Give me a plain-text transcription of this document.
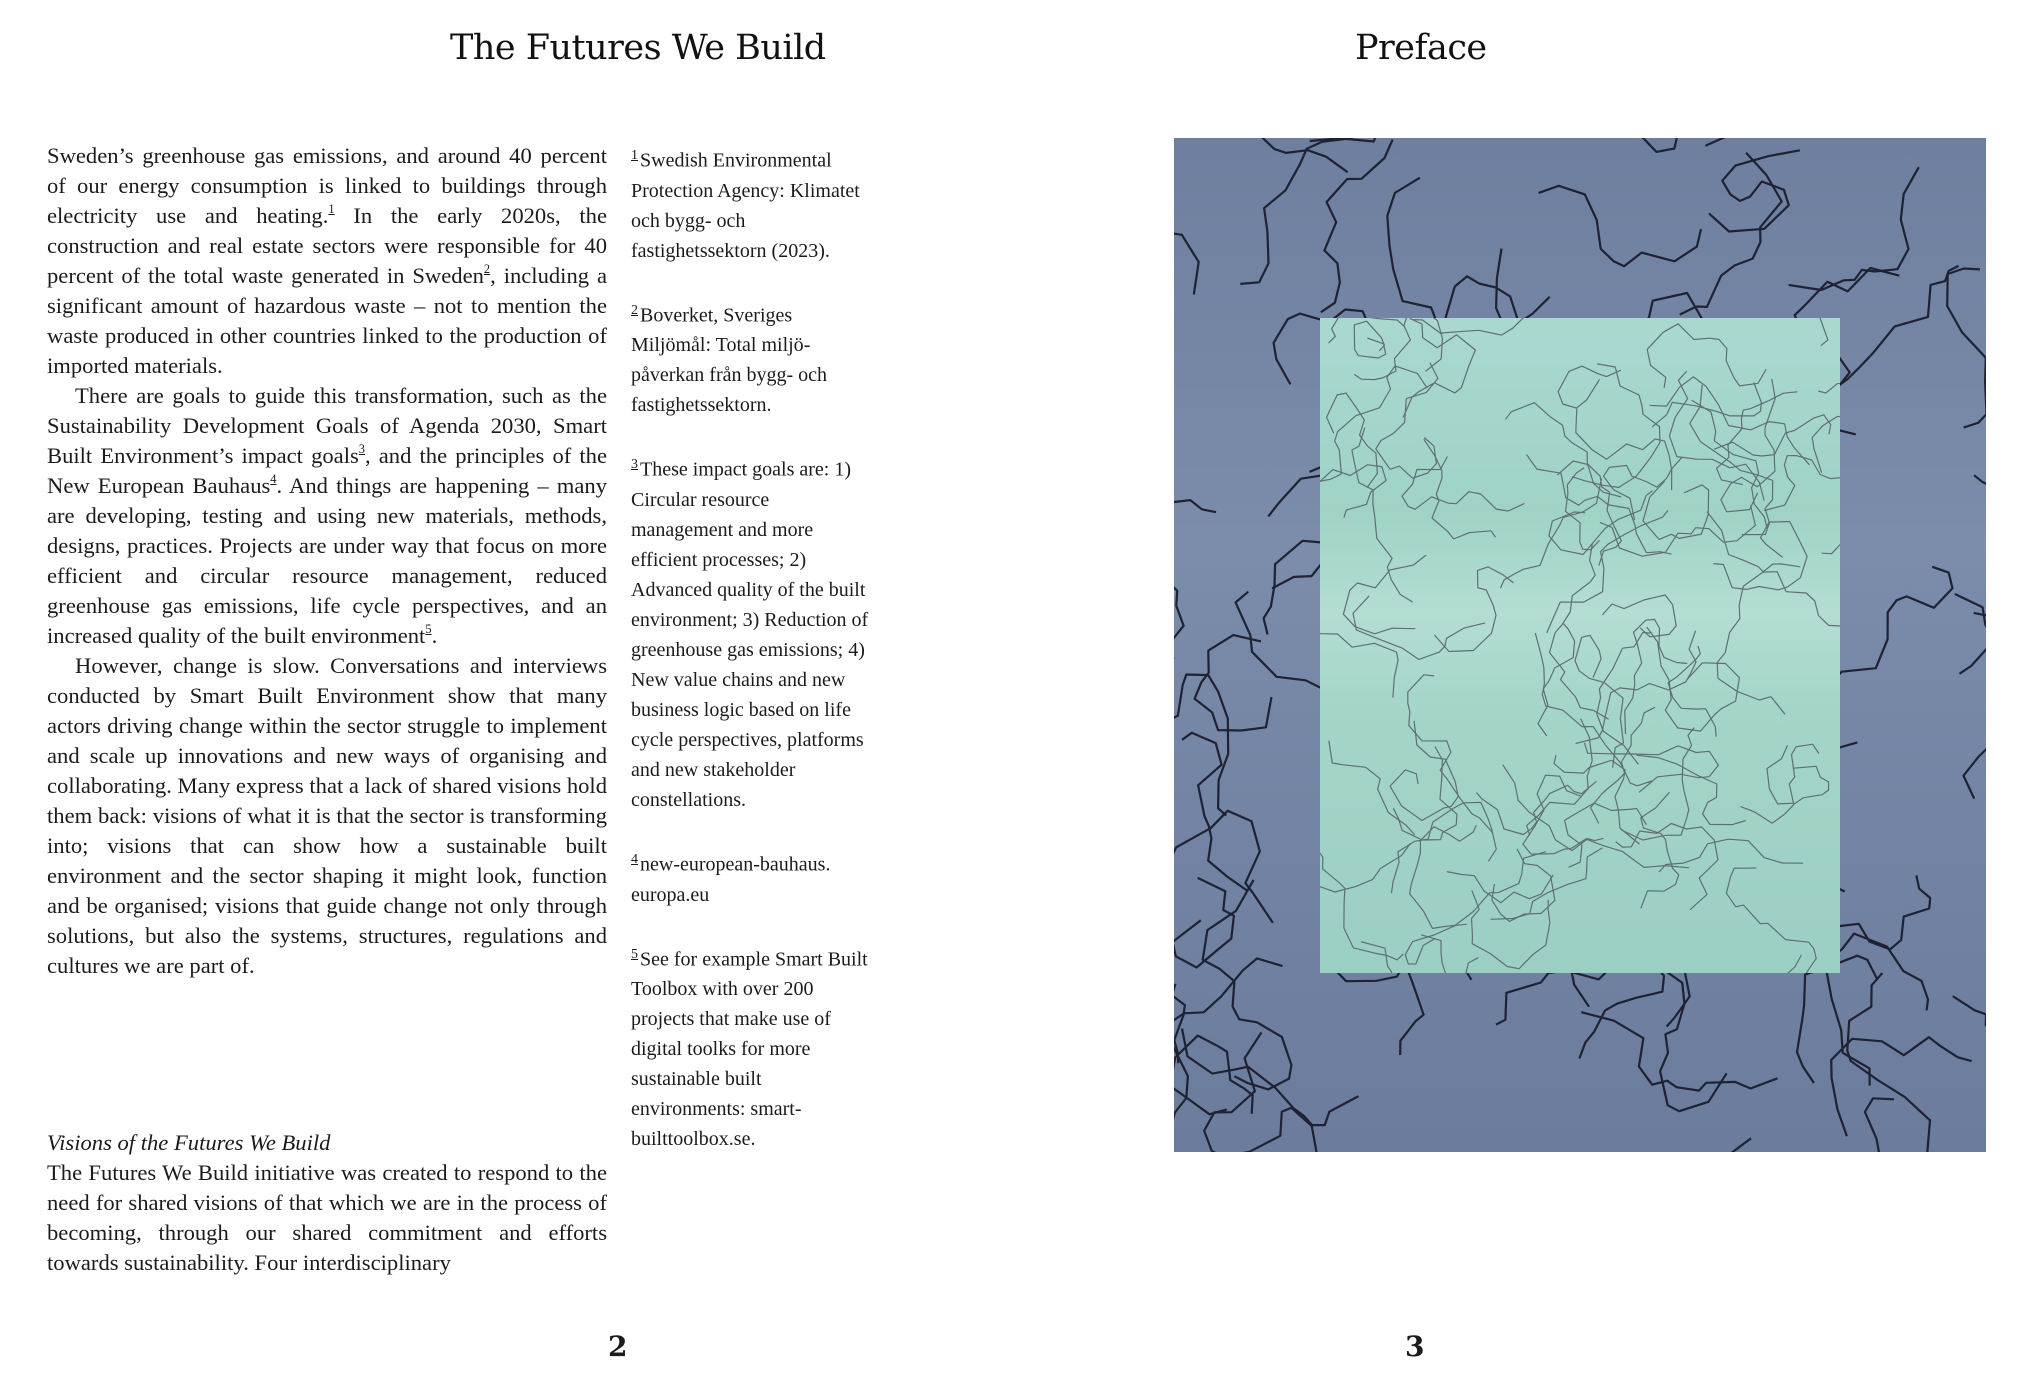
The Futures We Build

Sweden’s greenhouse gas emissions, and around 40 percent of our energy consumption is linked to buildings through electricity use and heating.$^1$ In the early 2020s, the construction and real estate sectors were responsible for 40 percent of the total waste generated in Sweden$^2$, including a significant amount of hazardous waste – not to mention the waste produced in other countries linked to the production of imported materials.

There are goals to guide this transformation, such as the Sustainability Development Goals of Agenda 2030, Smart Built Environment’s impact goals$^3$, and the principles of the New European Bauhaus$^4$. And things are happening – many are developing, testing and using new materials, methods, designs, practices. Projects are under way that focus on more efficient and circular resource management, reduced greenhouse gas emissions, life cycle perspectives, and an increased quality of the built environment$^5$.

However, change is slow. Conversations and interviews conducted by Smart Built Environment show that many actors driving change within the sector struggle to implement and scale up innovations and new ways of organising and collaborating. Many express that a lack of shared visions hold them back: visions of what it is that the sector is transforming into; visions that can show how a sustainable built environment and the sector shaping it might look, function and be organised; visions that guide change not only through solutions, but also the systems, structures, regulations and cultures we are part of.

Visions of the Futures We Build
The Futures We Build initiative was created to respond to the need for shared visions of that which we are in the process of becoming, through our shared commitment and efforts towards sustainability. Four interdisciplinary

$^1$ Swedish Environmental Protection Agency: Klimatet och bygg- och fastighetssektorn (2023).

$^2$ Boverket, Sveriges Miljömål: Total miljöpåverkan från bygg- och fastighetssektorn.

$^3$ These impact goals are: 1) Circular resource management and more efficient processes; 2) Advanced quality of the built environment; 3) Reduction of greenhouse gas emissions; 4) New value chains and new business logic based on life cycle perspectives, platforms and new stakeholder constellations.

$^4$ new-european-bauhaus. europa.eu

$^5$ See for example Smart Built Toolbox with over 200 projects that make use of digital toolks for more sustainable built environments: smartbuilttoolbox.se.

2
Preface
3
